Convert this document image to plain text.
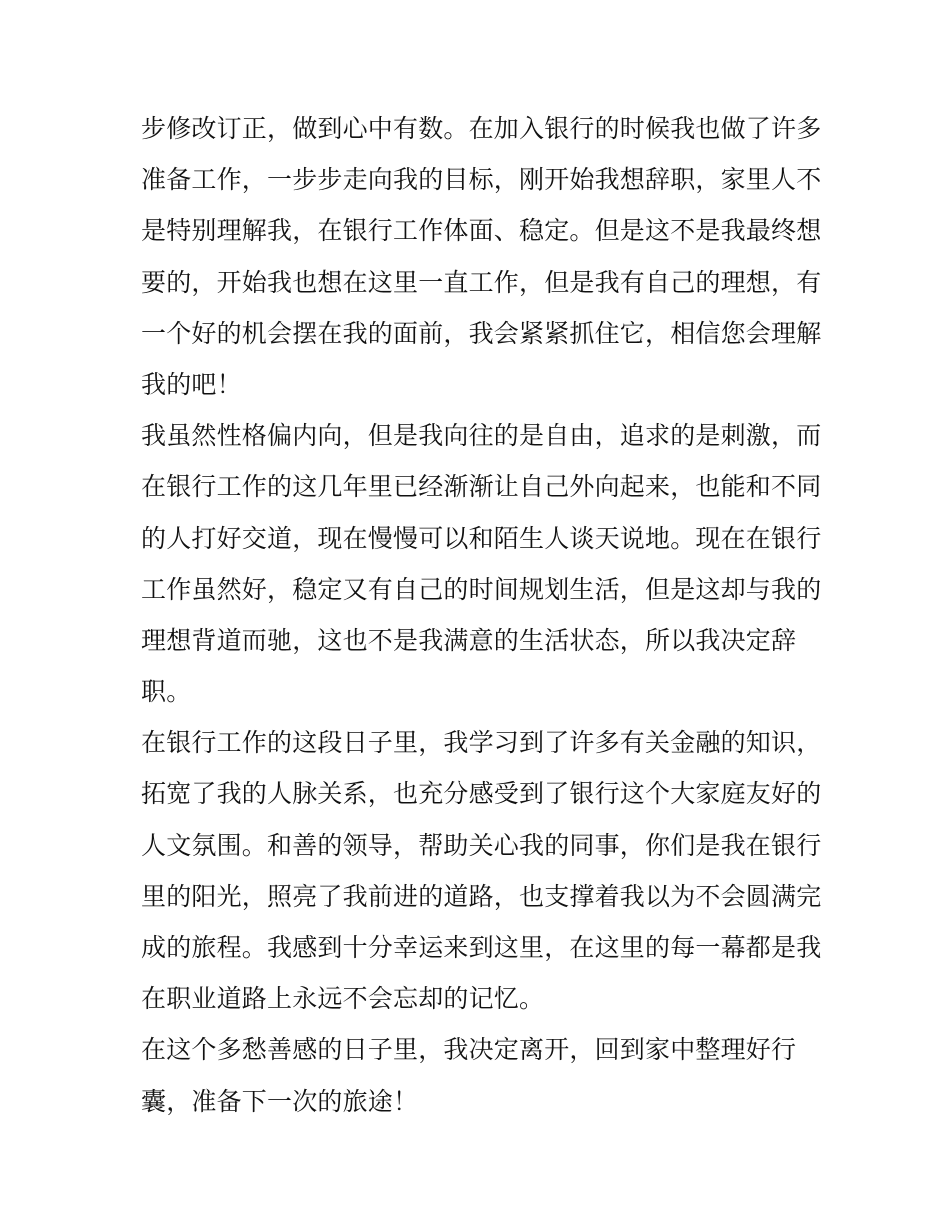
步修改订正，做到心中有数。在加入银行的时候我也做了许多
准备工作，一步步走向我的目标，刚开始我想辞职，家里人不
是特别理解我，在银行工作体面、稳定。但是这不是我最终想
要的，开始我也想在这里一直工作，但是我有自己的理想，有
一个好的机会摆在我的面前，我会紧紧抓住它，相信您会理解
我的吧！
我虽然性格偏内向，但是我向往的是自由，追求的是刺激，而
在银行工作的这几年里已经渐渐让自己外向起来，也能和不同
的人打好交道，现在慢慢可以和陌生人谈天说地。现在在银行
工作虽然好，稳定又有自己的时间规划生活，但是这却与我的
理想背道而驰，这也不是我满意的生活状态，所以我决定辞
职。
在银行工作的这段日子里，我学习到了许多有关金融的知识，
拓宽了我的人脉关系，也充分感受到了银行这个大家庭友好的
人文氛围。和善的领导，帮助关心我的同事，你们是我在银行
里的阳光，照亮了我前进的道路，也支撑着我以为不会圆满完
成的旅程。我感到十分幸运来到这里，在这里的每一幕都是我
在职业道路上永远不会忘却的记忆。
在这个多愁善感的日子里，我决定离开，回到家中整理好行
囊，准备下一次的旅途！
